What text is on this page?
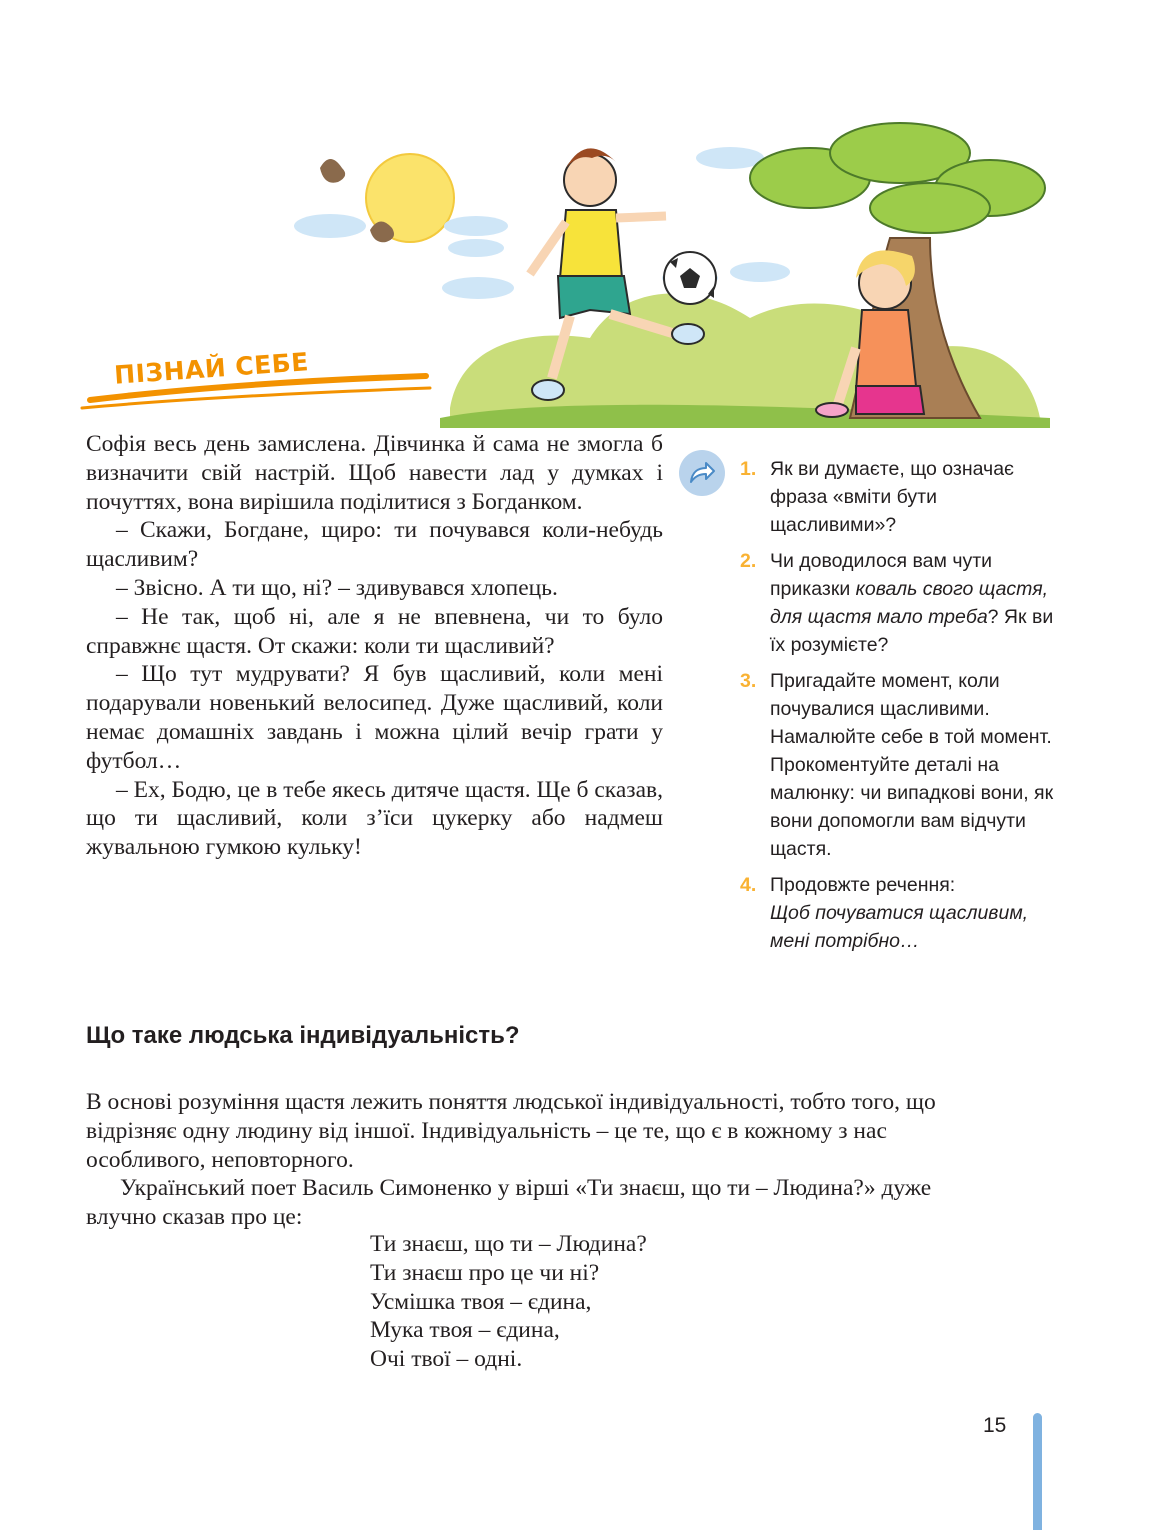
ПІЗНАЙ СЕБЕ

Софія весь день замислена. Дівчинка й сама не змогла б визначити свій настрій. Щоб навести лад у думках і почуттях, вона вирішила поділитися з Богданком.

– Скажи, Богдане, щиро: ти почувався коли-небудь щасливим?

– Звісно. А ти що, ні? – здивувався хлопець.

– Не так, щоб ні, але я не впевнена, чи то було справжнє щастя. От скажи: коли ти щасливий?

– Що тут мудрувати? Я був щасливий, коли мені подарували новенький велосипед. Дуже щасливий, коли немає домашніх завдань і можна цілий вечір грати у футбол…

– Ех, Бодю, це в тебе якесь дитяче щастя. Ще б сказав, що ти щасливий, коли з’їси цукерку або надмеш жувальною гумкою кульку!

1. Як ви думаєте, що означає фраза «вміти бути щасливими»?
2. Чи доводилося вам чути приказки коваль свого щастя, для щастя мало треба? Як ви їх розумієте?
3. Пригадайте момент, коли почувалися щасливими. Намалюйте себе в той момент. Прокоментуйте деталі на малюнку: чи випадкові вони, як вони допомогли вам відчути щастя.
4. Продовжте речення:
Щоб почуватися щасливим, мені потрібно…
Що таке людська індивідуальність?

В основі розуміння щастя лежить поняття людської індивідуальності, тобто того, що відрізняє одну людину від іншої. Індивідуальність – це те, що є в кожному з нас особливого, неповторного.

Український поет Василь Симоненко у вірші «Ти знаєш, що ти – Людина?» дуже влучно сказав про це:

Ти знаєш, що ти – Людина?
Ти знаєш про це чи ні?
Усмішка твоя – єдина,
Мука твоя – єдина,
Очі твої – одні.
15
